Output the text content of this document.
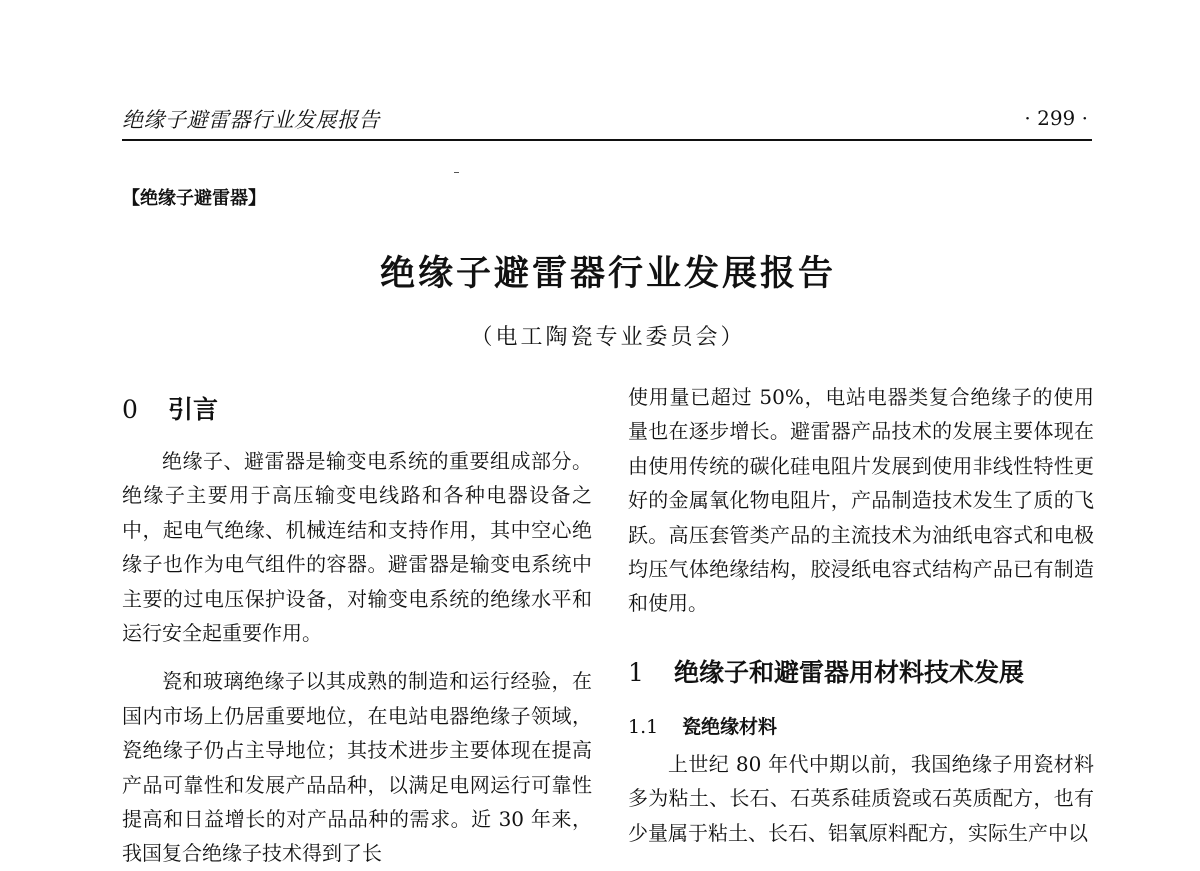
绝缘子避雷器行业发展报告	· 299 ·
【绝缘子避雷器】
绝缘子避雷器行业发展报告
（电工陶瓷专业委员会）
0 引言

绝缘子、避雷器是输变电系统的重要组成部分。绝缘子主要用于高压输变电线路和各种电器设备之中，起电气绝缘、机械连结和支持作用，其中空心绝缘子也作为电气组件的容器。避雷器是输变电系统中主要的过电压保护设备，对输变电系统的绝缘水平和运行安全起重要作用。

瓷和玻璃绝缘子以其成熟的制造和运行经验，在国内市场上仍居重要地位，在电站电器绝缘子领域，瓷绝缘子仍占主导地位；其技术进步主要体现在提高产品可靠性和发展产品品种，以满足电网运行可靠性提高和日益增长的对产品品种的需求。近 30 年来，我国复合绝缘子技术得到了长

使用量已超过 50%，电站电器类复合绝缘子的使用量也在逐步增长。避雷器产品技术的发展主要体现在由使用传统的碳化硅电阻片发展到使用非线性特性更好的金属氧化物电阻片，产品制造技术发生了质的飞跃。高压套管类产品的主流技术为油纸电容式和电极均压气体绝缘结构，胶浸纸电容式结构产品已有制造和使用。

1 绝缘子和避雷器用材料技术发展
1.1 瓷绝缘材料

上世纪 80 年代中期以前，我国绝缘子用瓷材料多为粘土、长石、石英系硅质瓷或石英质配方，也有少量属于粘土、长石、铝氧原料配方，实际生产中以
